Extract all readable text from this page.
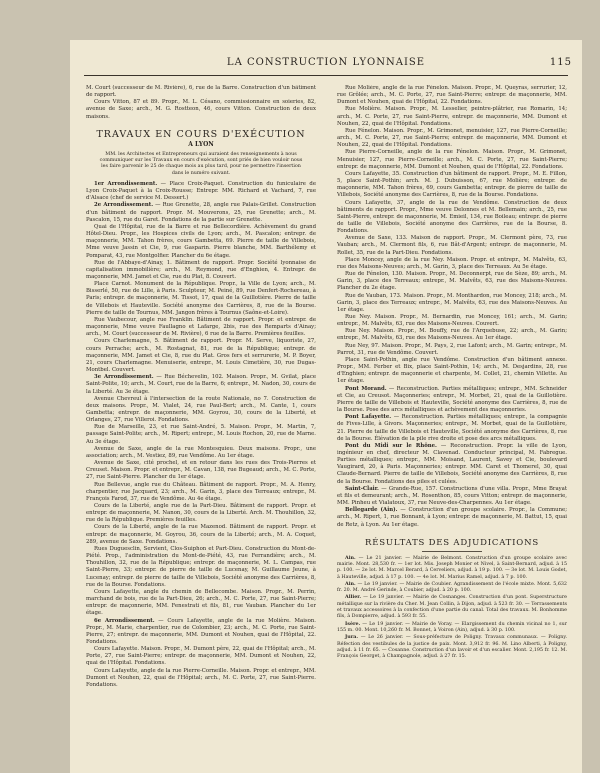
LA CONSTRUCTION LYONNAISE	115

M. Court (successeur de M. Rivière), 6, rue de la Barre. Construction d'un bâtiment de rapport.

Cours Vitton, 87 et 89. Propr., M. L. Césano, commissionnaire en soieries, 82, avenue de Saxe; arch., M. G. Rostteon, 46, cours Vitton. Construction de deux maisons.

TRAVAUX EN COURS D'EXÉCUTION
A LYON
MM. les Architectes et Entrepreneurs qui auraient des renseignements à nous communiquer sur les Travaux en cours d'exécution, sont priés de bien vouloir nous les faire parvenir le 25 de chaque mois au plus tard, pour ne permettre l'insertion dans le numéro suivant.

1er Arrondissement. — Place Croix-Paquet. Construction du funiculaire de Lyon Croix-Paquet à la Croix-Rousse; Entrepr. MM. Richard et Vachard, 7, rue d'Alsace (chef de service M. Dessert.)

2e Arrondissement. — Rue Grenette, 28, angle rue Palais-Grillet. Construction d'un bâtiment de rapport. Propr. M. Mouverons, 25, rue Grenette; arch., M. Pascalon, 15, rue du Garet. Fondations de la partie sur Grenette.

Quai de l'Hôpital, rue de la Barre et rue Bellecordière. Achèvement du grand Hôtel-Dieu. Propr., les Hospices civils de Lyon; arch., M. Pascalon; entrepr. de maçonnerie, MM. Tahon frères, cours Gambetta, 69. Pierre de taille de Villebois, Mme veuve Jassin et Cie, 9, rue Gasparin. Pierre blanche, MM. Barthélemy et Pomparat, 43, rue Montgolfier. Plancher du 6e étage.

Rue de l'Abbaye-d'Ainay, 1. Bâtiment de rapport. Propr. Société lyonnaise de capitalisation immobilière; arch., M. Reymond, rue d'Enghien, 4. Entrepr. de maçonnerie, MM. Jamet et Cie, rue du Plat, 8. Couvert.

Place Carnot. Monument de la République. Propr., la Ville de Lyon; arch., M. Bisserlé, 50, rue de Lille, à Paris. Sculpteur, M. Peiné, 89, rue Denfert-Rochereau, à Paris; entrepr. de maçonnerie, M. Tissot, 17, quai de la Guillotière. Pierre de taille de Villebois et Hauteville. Société anonyme des Carrières, 8, rue de la Bourse. Pierre de taille de Tournus, MM. Jangon frères à Tournus (Saône-et-Loire).

Rue Vaubecour, angle rue Franklin. Bâtiment de rapport. Propr. et entrepr. de maçonnerie, Mme veuve Faullagno et Lafarge, 2bis, rue des Remparts d'Ainay; arch., M. Court (successeur de M. Rivière), 6 rue de la Barre. Premières feuilles.

Cours Charlemagne, 5. Bâtiment de rapport. Propr. M. Serve, liquoriste, 27, cours Perrache; arch., M. Rostagnat, 81, rue de la République; entrepr. de maçonnerie, MM. Jamet et Cie, 8, rue du Plat. Gros fers et serrurerie, M. P. Boyer, 21, cours Charlemagne. Menuiserie, entrepr., M. Louis Cimetière, 30, rue Dugas-Montbel. Couvert.

3e Arrondissement. — Rue Béchevelin, 102. Maison. Propr., M. Gvilat, place Saint-Polite, 10; arch., M. Court, rue de la Barre, 6; entrepr., M. Nadon, 30, cours de la Liberté. Au 3e étage.

Avenue Chevreul à l'intersection de la route Nationale, no 7. Construction de deux maisons. Propr., M. Vialet, 24, rue Paul-Bert; arch., M. Cante, 1, cours Gambetta; entrepr. de maçonnerie, MM. Goyrou, 30, cours de la Liberté, et Orlanges, 27, rue Villeroi. Fondations.

Rue de Marseille, 23, et rue Saint-André, 5. Maison. Propr., M. Martin, 7, passage Saint-Polite; arch., M. Ripert; entrepr., M. Louis Rochon, 20, rue de Marne. Au 3e étage.

Avenue de Saxe, angle de la rue Montesquieu. Deux maisons. Propr., une association; arch., M. Vestiez, 89, rue Vendôme. Au 1er étage.

Avenue de Saxe, cité prochel, et en retour dans les rues des Trois-Pierres et Creuset. Maison. Propr. et entrepr., M. Cavan, 138, rue Bugeaud; arch., M. C. Porte, 27, rue Saint-Pierre. Plancher du 1er étage.

Rue Bellevue, angle rue du Château. Bâtiment de rapport. Propr., M. A. Henry, charpentier, rue Jacquard, 23; arch., M. Garin, 3, place des Terreaux; entrepr., M. François Farod, 37, rue de Vendôme. Au 4e étage.

Cours de la Liberté, angle rue de la Part-Dieu. Bâtiment de rapport. Propr. et entrepr. de maçonnerie, M. Nanon, 30, cours de la Liberté. Arch. M. Thouhillon, 32, rue de la République. Premières feuilles.

Cours de la Liberté, angle de la rue Mazenod. Bâtiment de rapport. Propr. et entrepr. de maçonnerie, M. Goyrou, 36, cours de la Liberté; arch., M. A. Coquet, 289, avenue de Saxe. Fondations.

Rues Duguesclin, Servient, Clos-Suiphon et Part-Dieu. Construction du Mont-de-Piété. Prop., l'administration du Mont-de-Piété, 43, rue Ferrandière; arch., M. Thouhillon, 32, rue de la République; entrepr. de maçonnerie, M. L. Campas, rue Saint-Pierre, 33; entrepr. de pierre de taille de Lucenay, M. Guillaume Jeune, à Lucenay; entrepr. de pierre de taille de Villebois, Société anonyme des Carrières, 8, rue de la Bourse. Fondations.

Cours Lafayette, angle du chemin de Bellecombe. Maison. Propr., M. Perrin, marchand de bois, rue de la Part-Dieu, 26; arch., M. C. Porte, 27, rue Saint-Pierre; entrepr. de maçonnerie, MM. Fenestrati et fils, 81, rue Vauban. Plancher du 1er étage.

6e Arrondissement. — Cours Lafayette, angle de la rue Molière. Maison. Propr., M. Marie, charpentier, rue de Colombier, 23; arch., M. C. Porte, rue Saint-Pierre, 27; entrepr. de maçonnerie, MM. Dumont et Nouhen, quai de l'Hôpital, 22. Fondations.

Cours Lafayette. Maison. Propr., M. Dumont père, 22, quai de l'Hôpital; arch., M. Porte, 27, rue Saint-Pierre; entrepr. de maçonnerie, MM. Dumont et Nouhen, 22, quai de l'Hôpital. Fondations.

Cours Lafayette, angle de la rue Pierre-Corneille. Maison. Propr. et entrepr., MM. Dumont et Nouhen, 22, quai de l'Hôpital; arch., M. C. Porte, 27, rue Saint-Pierre. Fondations.

Rue Molière, angle de la rue Fénelon. Maison. Propr., M. Queyras, serrurier, 12, rue Grôlée; arch., M. C. Porte, 27, rue Saint-Pierre; entrepr. de maçonnerie, MM. Dumont et Nouhen, quai de l'Hôpital, 22. Fondations.

Rue Molière. Maison. Propr., M. Lesselier, peintre-plâtrier, rue Romarin, 14; arch., M. C. Porte, 27, rue Saint-Pierre, entrepr. de maçonnerie, MM. Dumont et Nouhen, 22, quai de l'Hôpital. Fondations.

Rue Fénelon. Maison. Propr., M. Grimonet, menuisier, 127, rue Pierre-Corneille; arch., M. C. Porte, 27, rue Saint-Pierre; entrepr. de maçonnerie, MM. Dumont et Nouhen, 22, quai de l'Hôpital. Fondations.

Rue Pierre-Corneille, angle de la rue Fénelon. Maison. Propr., M. Grimonet, Menuisier, 127, rue Pierre-Corneille; arch., M. C. Porte, 27, rue Saint-Pierre; entrepr. de maçonnerie, MM. Dumont et Nouhen, quai de l'Hôpital, 22. Fondations.

Cours Lafayette, 35. Construction d'un bâtiment de rapport. Propr., M. E. Fillon, 5, place Saint-Pothin; arch. M. J. Dubuisson, 67, rue Molière; entrepr. de maçonnerie, MM. Tahon frères, 69, cours Gambetta; entrepr. de pierre de taille de Villebois, Société anonyme des Carrières, 8, rue de la Bourse. Fondations.

Cours Lafayette, 37, angle de la rue de Vendôme. Construction de deux bâtiments de rapport. Propr., Mme veuve Delonnes et M. Bellemain; arch., 25, rue Saint-Pierre, entrepr. de maçonnerie, M. Emieil, 134, rue Boileau; entrepr. de pierre de taille de Villebois, Société anonyme des Carrières, rue de la Bourse, 8. Fondations.

Avenue de Saxe, 133. Maison de rapport. Propr., M. Clermont père, 73, rue Vauban; arch., M. Clermont fils, 6, rue Bât-d'Argent; entrepr. de maçonnerie, M. Rollet, 35, rue de la Part-Dieu. Fondations.

Place Moncey, angle de la rue Ney. Maison. Propr. et entrepr., M. Malvêts, 63, rue des Maisons-Neuves; arch., M. Garin, 3, place des Terreaux. Au 5e étage.

Rue de Fénelon, 130. Maison. Propr., M. Deconnerpt, rue de Sèze, 89; arch., M. Garin, 3, place des Terreaux; entrepr., M. Malvêts, 63, rue des Maisons-Neuves. Plancher du 2e étage.

Rue de Vauban, 173. Maison. Propr., M. Monthardon, rue Moncey, 218; arch., M. Garin, 3, place des Terreaux; entrepr., M. Malvêts, 63, rue des Maisons-Neuves. Au 1er étage.

Rue Ney. Maison. Propr., M. Bernardin, rue Moncey, 161; arch., M. Garin; entrepr., M. Malvêts, 63, rue des Maisons-Neuves. Couvert.

Rue Ney. Maison. Propr., M. Bouffy, rue de l'Arquebuse, 22; arch., M. Garin; entrepr., M. Malvêts, 63, rue des Maisons-Neuves. Au 1er étage.

Rue Ney, 97. Maison. Propr., M. Pays, 2, rue Lafont; arch., M. Garin; entrepr., M. Parrot, 31, rue de Vendôme. Couvert.

Place Saint-Pothin, angle rue Vendôme. Construction d'un bâtiment annexe. Propr., MM. Ferber et Bix, place Saint-Pothin, 14; arch., M. Desjardins, 28, rue d'Enghien; entrepr. de maçonnerie et charpente, M. Collet, 21, chemin Villette. Au 1er étage.

Pont Morand. — Reconstruction. Parties métalliques; entrepr., MM. Schneider et Cie, au Creusot. Maçonneries; entrepr., M. Morbet, 21, quai de la Guillotière. Pierre de taille de Villebois et Hauteville, Société anonyme des Carrières, 8, rue de la Bourse. Pose des arcs métalliques et achèvement des maçonneries.

Pont Lafayette. — Reconstruction. Parties métalliques; entrepr., la compagnie de Fives-Lille, à Givors. Maçonneries; entrepr., M. Morbet, quai de la Guillotière, 21. Pierre de taille de Villebois et Hauteville, Société anonyme des Carrières, 8, rue de la Bourse. Élévation de la pile rive droite et pose des arcs métalliques.

Pont du Midi sur le Rhône. — Reconstruction. Propr. la ville de Lyon, ingénieur en chef, directeur M. Clavenad. Conducteur principal, M. Fabregue. Parties métalliques; entrepr., MM. Moisand, Laurent, Savey et Cie, boulevard Vaugirard, 20, à Paris. Maçonneries; entrepr. MM. Caret et Thomerel, 30, quai Claude-Bernard. Pierre de taille de Villebois, Société anonyme des Carrières, 8, rue de la Bourse. Fondations des piles et culées.

Saint-Clair. — Grande-Rue, 157. Constructions d'une villa. Propr., Mme Brayat et fils et demeurant; arch., M. Rosenthon, 85, cours Vitton; entrepr. de maçonnerie, MM. Pinheu et Vialatoux, 37, rue Neuve-des-Charpennes. Au 1er étage.

Bellegarde (Ain). — Construction d'un groupe scolaire. Propr., la Commune; arch., M. Ripert, 1, rue Bonnant, à Lyon; entrepr. de maçonnerie, M. Battut, 15, quai de Retz, à Lyon. Au 1er étage.

RÉSULTATS DES ADJUDICATIONS

Ain. — Le 21 janvier. — Mairie de Belmont. Construction d'un groupe scolaire avec mairie. Mont. 28,530 fr. — 1er lot. Mis. Joseph Monier et Nivel, à Saint-Bernard, adjud. à 15 p. 100. — 2e lot. M. Marcel Berard, à Cerveliers, adjud. à 19 p. 100. — 3e lot. M. Louis Godet, à Hauteville, adjud. à 17 p. 100. — 4e lot. M. Marius Ramel, adjud. à 7 p. 100.

Ain. — Le 19 janvier. — Mairie de Coubier. Agrandissement de l'école mixte. Mont. 5,632 fr. 20. M. André Gerinde, à Coubier, adjud. à 20 p. 100.

Allier. — Le 19 janvier. — Mairie de Cosnanges. Construction d'un pont. Superstructure métallique sur la rivière du Cher. M. Jean Collin, à Dijon, adjud. à 523 fr. 30. — Terrassements et travaux accessoires à la confection d'une partie du canal. Total des travaux. M. Bonhomme fils, à Dompierre, adjud. à 593 fr. 55.

Isère. — Le 19 janvier. — Mairie de Voray. — Elargissement du chemin vicinal no 1, sur 155 m. 00. Mont. 10,260 fr. M. Bonnet, à Voiron (Ain), adjud. à 30 p. 100.

Jura. — Le 26 janvier. — Sous-préfecture de Poligny. Travaux communaux. — Poligny. Réfection des vestibules de la justice de paix. Mont. 3,912 fr. 96. M. Lino Alberti, à Poligny, adjud. à 11 fr. 65. — Cosanne. Construction d'un lavoir et d'un escalier. Mont. 2,195 fr. 12. M. François Georget, à Champagnole, adjud. à 27 fr. 15.
